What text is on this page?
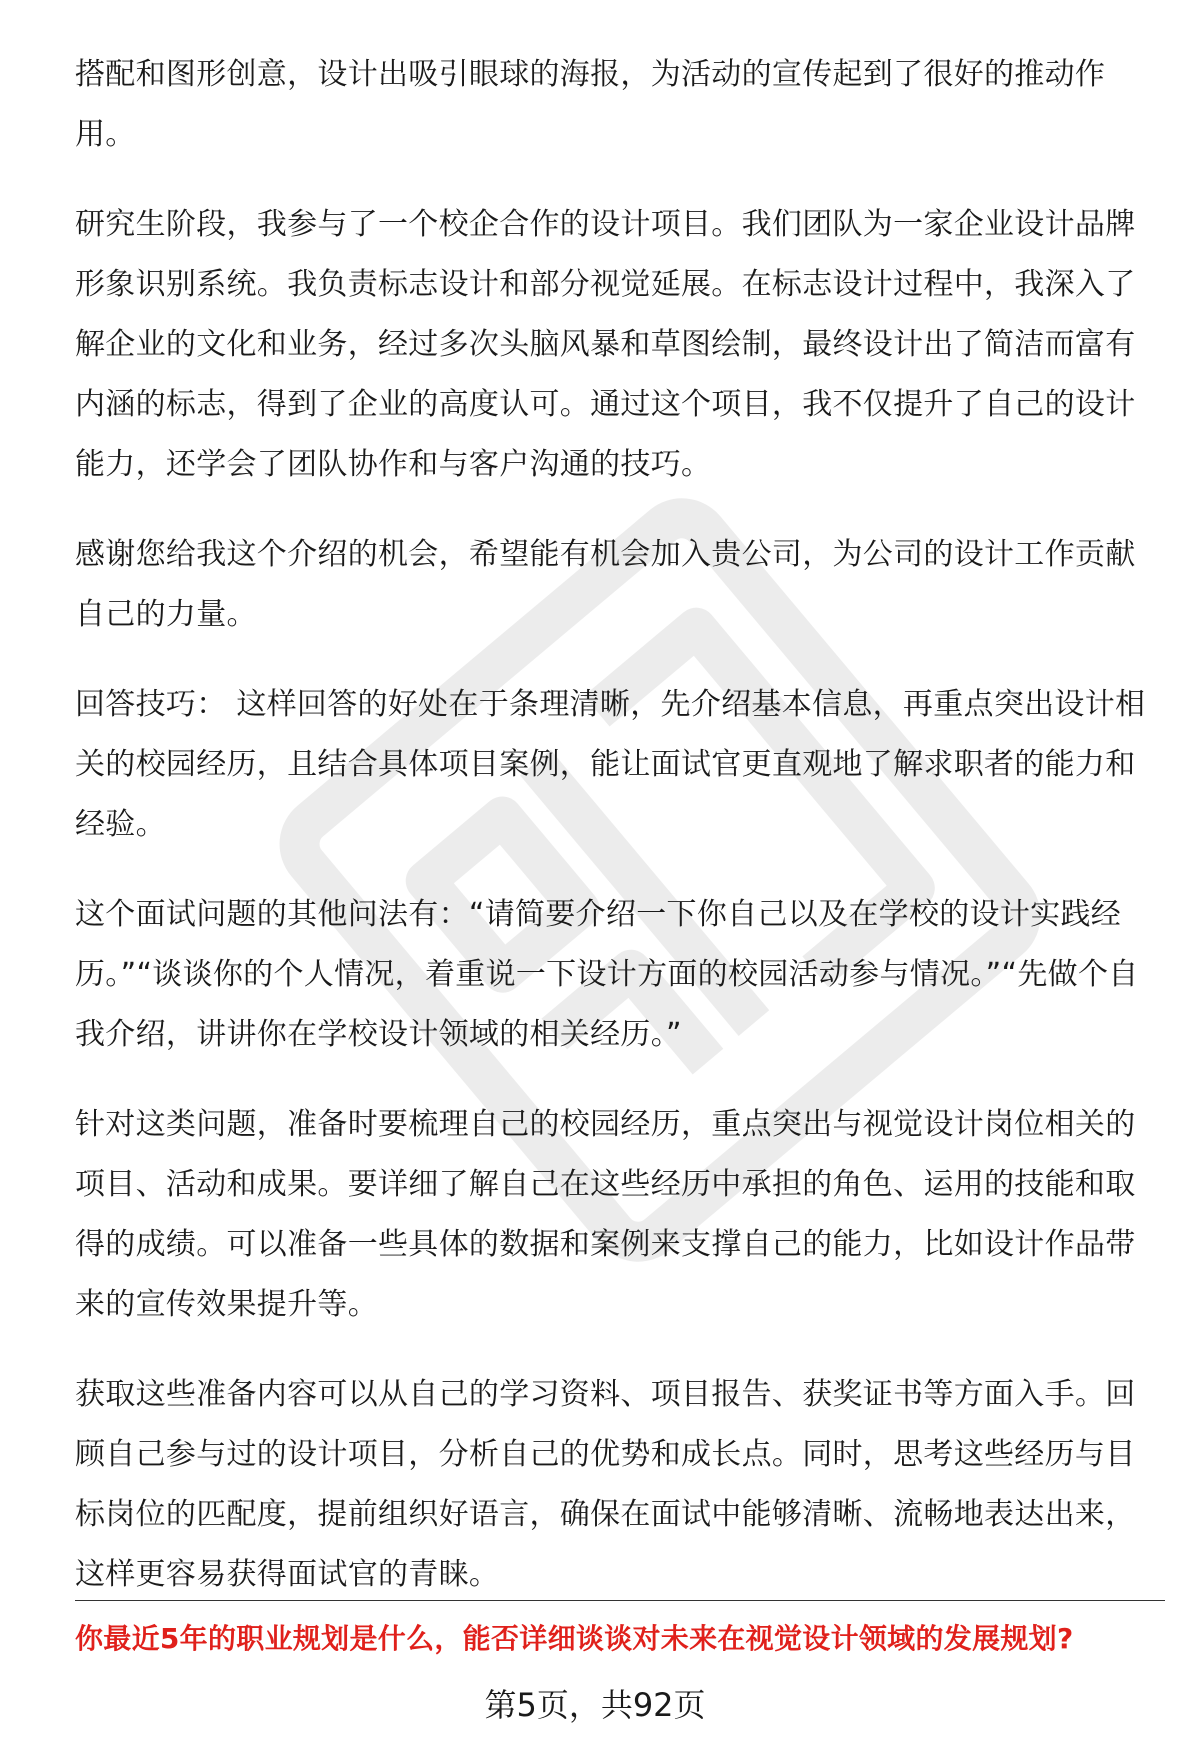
搭配和图形创意，设计出吸引眼球的海报，为活动的宣传起到了很好的推动作用。

研究生阶段，我参与了一个校企合作的设计项目。我们团队为一家企业设计品牌形象识别系统。我负责标志设计和部分视觉延展。在标志设计过程中，我深入了解企业的文化和业务，经过多次头脑风暴和草图绘制，最终设计出了简洁而富有内涵的标志，得到了企业的高度认可。通过这个项目，我不仅提升了自己的设计能力，还学会了团队协作和与客户沟通的技巧。

感谢您给我这个介绍的机会，希望能有机会加入贵公司，为公司的设计工作贡献自己的力量。

回答技巧： 这样回答的好处在于条理清晰，先介绍基本信息，再重点突出设计相关的校园经历，且结合具体项目案例，能让面试官更直观地了解求职者的能力和经验。

这个面试问题的其他问法有：“请简要介绍一下你自己以及在学校的设计实践经历。”“谈谈你的个人情况，着重说一下设计方面的校园活动参与情况。”“先做个自我介绍，讲讲你在学校设计领域的相关经历。”

针对这类问题，准备时要梳理自己的校园经历，重点突出与视觉设计岗位相关的项目、活动和成果。要详细了解自己在这些经历中承担的角色、运用的技能和取得的成绩。可以准备一些具体的数据和案例来支撑自己的能力，比如设计作品带来的宣传效果提升等。

获取这些准备内容可以从自己的学习资料、项目报告、获奖证书等方面入手。回顾自己参与过的设计项目，分析自己的优势和成长点。同时，思考这些经历与目标岗位的匹配度，提前组织好语言，确保在面试中能够清晰、流畅地表达出来，这样更容易获得面试官的青睐。

你最近5年的职业规划是什么，能否详细谈谈对未来在视觉设计领域的发展规划?
第5页，共92页
